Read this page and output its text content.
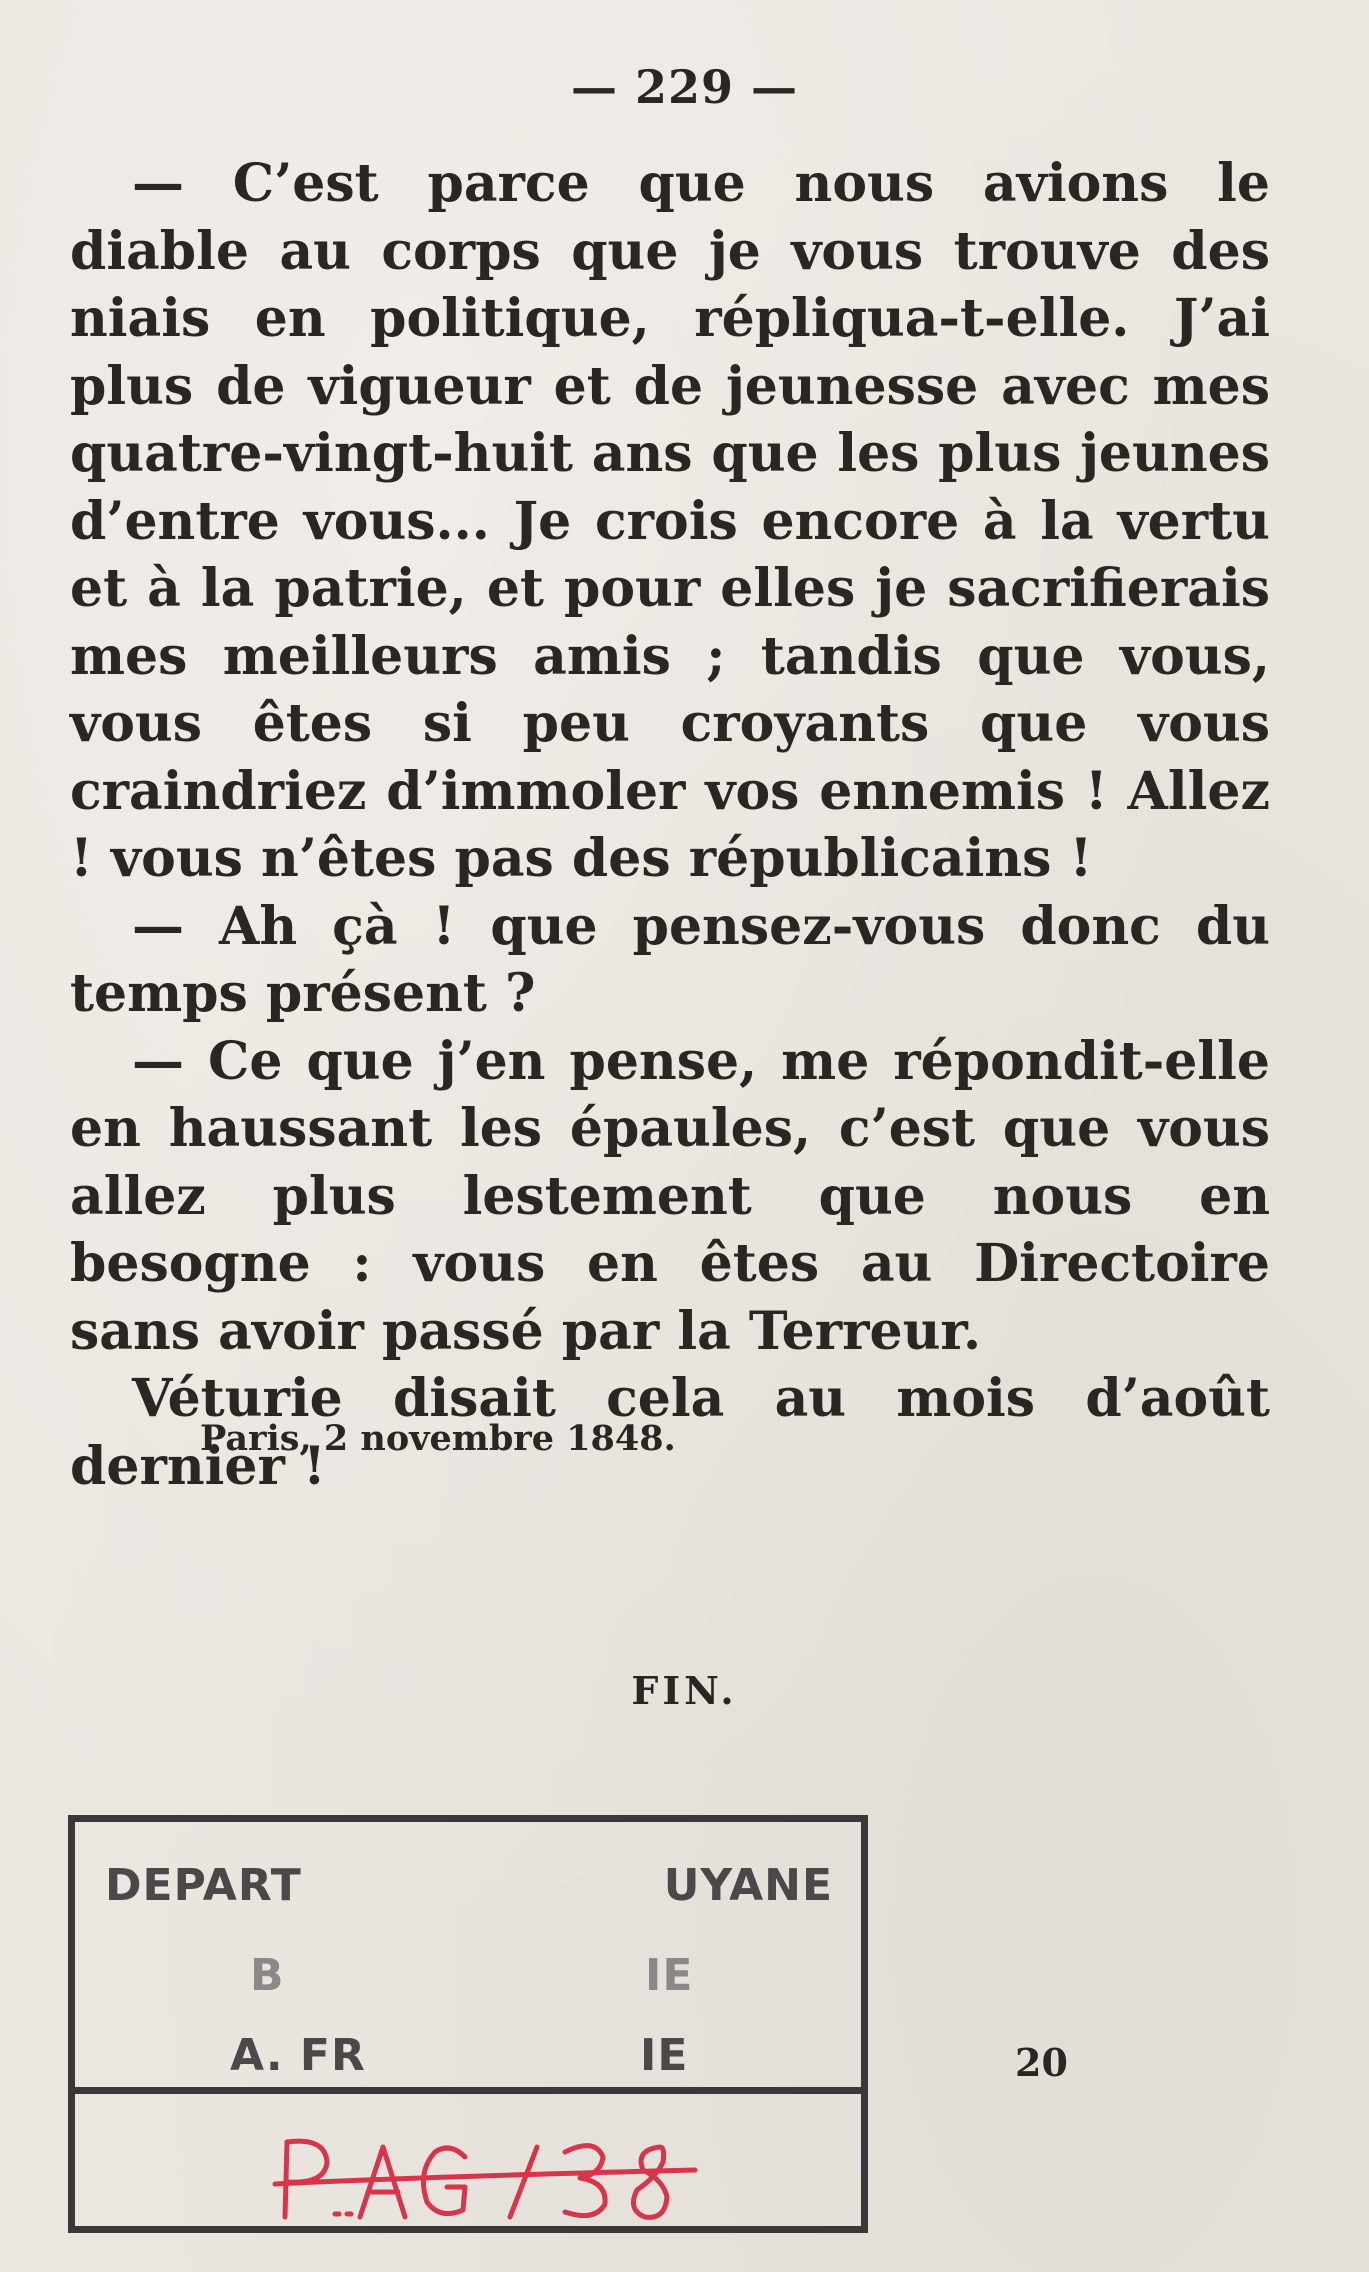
— 229 —

— C’est parce que nous avions le diable au corps que je vous trouve des niais en politique, répliqua-t-elle. J’ai plus de vigueur et de jeunesse avec mes quatre-vingt-huit ans que les plus jeunes d’entre vous... Je crois encore à la vertu et à la patrie, et pour elles je sacrifierais mes meilleurs amis ; tandis que vous, vous êtes si peu croyants que vous craindriez d’immoler vos ennemis ! Allez ! vous n’êtes pas des républicains !

— Ah çà ! que pensez-vous donc du temps présent ?

— Ce que j’en pense, me répondit-elle en haussant les épaules, c’est que vous allez plus lestement que nous en besogne : vous en êtes au Directoire sans avoir passé par la Terreur.

Véturie disait cela au mois d’août dernier !

Paris, 2 novembre 1848.
FIN.
DEPART	UYANE
B	IE
A. FR	IE	20
